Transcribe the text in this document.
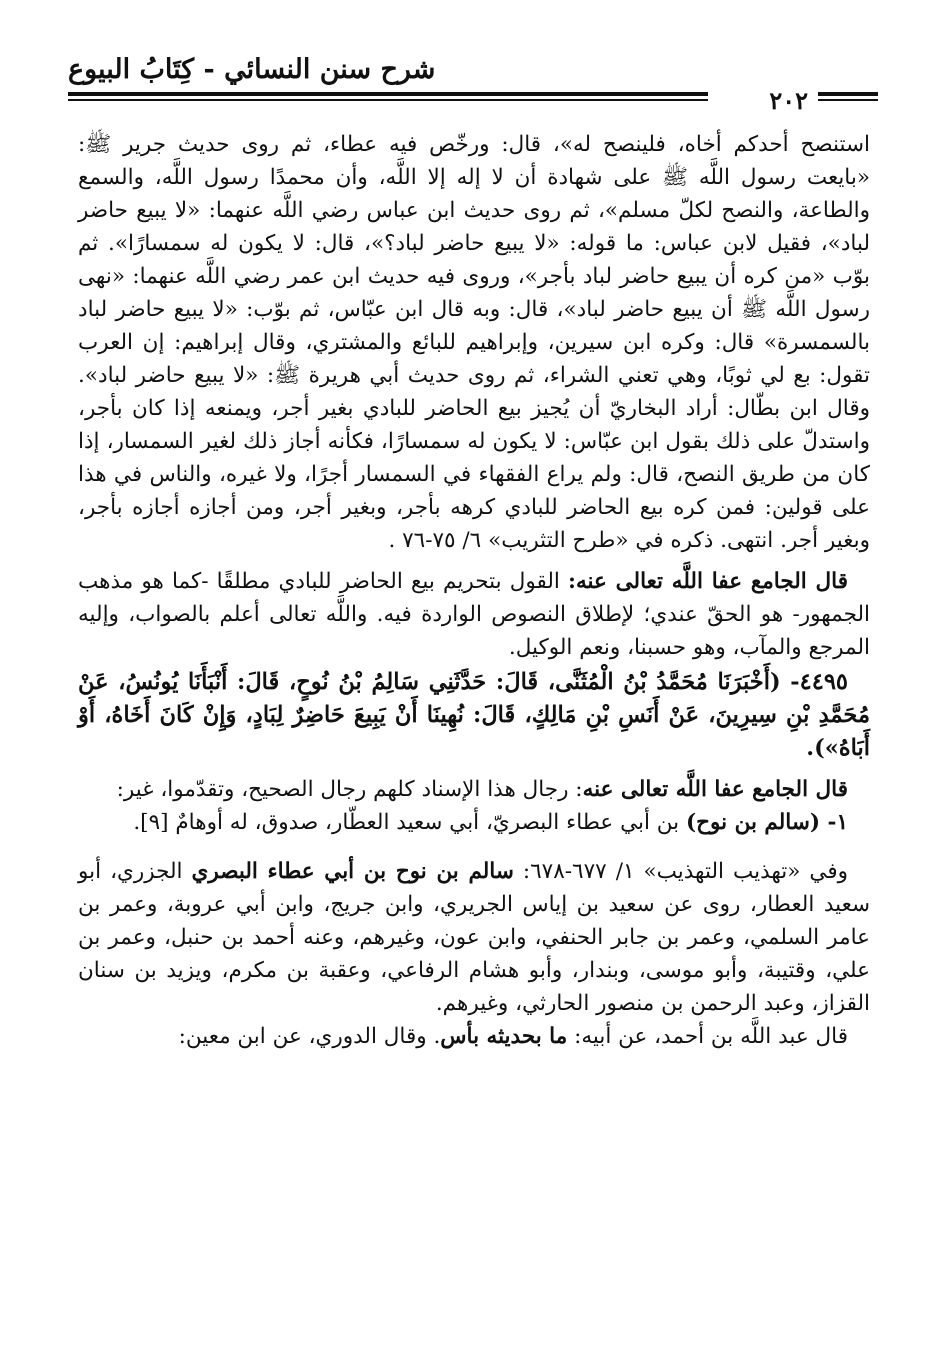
شرح سنن النسائي - كِتَابُ البيوع
٢٠٢

استنصح أحدكم أخاه، فلينصح له»، قال: ورخّص فيه عطاء، ثم روى حديث جرير ﷺ: «بايعت رسول اللَّه ﷺ على شهادة أن لا إله إلا اللَّه، وأن محمدًا رسول اللَّه، والسمع والطاعة، والنصح لكلّ مسلم»، ثم روى حديث ابن عباس رضي اللَّه عنهما: «لا يبيع حاضر لباد»، فقيل لابن عباس: ما قوله: «لا يبيع حاضر لباد؟»، قال: لا يكون له سمسارًا». ثم بوّب «من كره أن يبيع حاضر لباد بأجر»، وروى فيه حديث ابن عمر رضي اللَّه عنهما: «نهى رسول اللَّه ﷺ أن يبيع حاضر لباد»، قال: وبه قال ابن عبّاس، ثم بوّب: «لا يبيع حاضر لباد بالسمسرة» قال: وكره ابن سيرين، وإبراهيم للبائع والمشتري، وقال إبراهيم: إن العرب تقول: بع لي ثوبًا، وهي تعني الشراء، ثم روى حديث أبي هريرة ﷺ: «لا يبيع حاضر لباد». وقال ابن بطّال: أراد البخاريّ أن يُجيز بيع الحاضر للبادي بغير أجر، ويمنعه إذا كان بأجر، واستدلّ على ذلك بقول ابن عبّاس: لا يكون له سمسارًا، فكأنه أجاز ذلك لغير السمسار، إذا كان من طريق النصح، قال: ولم يراع الفقهاء في السمسار أجرًا، ولا غيره، والناس في هذا على قولين: فمن كره بيع الحاضر للبادي كرهه بأجر، وبغير أجر، ومن أجازه أجازه بأجر، وبغير أجر. انتهى. ذكره في «طرح التثريب» ٦/ ٧٥-٧٦ .

قال الجامع عفا اللَّه تعالى عنه: القول بتحريم بيع الحاضر للبادي مطلقًا -كما هو مذهب الجمهور- هو الحقّ عندي؛ لإطلاق النصوص الواردة فيه. واللَّه تعالى أعلم بالصواب، وإليه المرجع والمآب، وهو حسبنا، ونعم الوكيل.

٤٤٩٥- (أَخْبَرَنَا مُحَمَّدُ بْنُ الْمُثَنَّى، قَالَ: حَدَّثَنِي سَالِمُ بْنُ نُوحٍ، قَالَ: أَنْبَأَنَا يُونُسُ، عَنْ مُحَمَّدِ بْنِ سِيرِينَ، عَنْ أَنَسِ بْنِ مَالِكٍ، قَالَ: نُهِينَا أَنْ يَبِيعَ حَاضِرٌ لِبَادٍ، وَإِنْ كَانَ أَخَاهُ، أَوْ أَبَاهُ»).

قال الجامع عفا اللَّه تعالى عنه: رجال هذا الإسناد كلهم رجال الصحيح، وتقدّموا، غير:

١- (سالم بن نوح) بن أبي عطاء البصريّ، أبي سعيد العطّار، صدوق، له أوهامٌ [٩].

وفي «تهذيب التهذيب» ١/ ٦٧٧-٦٧٨: سالم بن نوح بن أبي عطاء البصري الجزري، أبو سعيد العطار، روى عن سعيد بن إياس الجريري، وابن جريج، وابن أبي عروبة، وعمر بن عامر السلمي، وعمر بن جابر الحنفي، وابن عون، وغيرهم، وعنه أحمد بن حنبل، وعمر بن علي، وقتيبة، وأبو موسى، وبندار، وأبو هشام الرفاعي، وعقبة بن مكرم، ويزيد بن سنان القزاز، وعبد الرحمن بن منصور الحارثي، وغيرهم.

قال عبد اللَّه بن أحمد، عن أبيه: ما بحديثه بأس. وقال الدوري، عن ابن معين:
